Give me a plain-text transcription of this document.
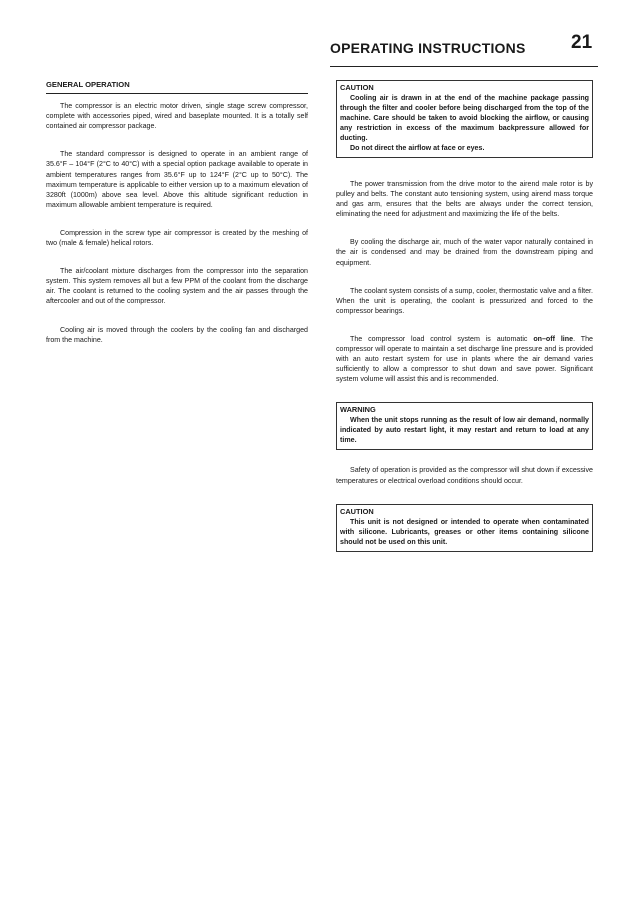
OPERATING INSTRUCTIONS 21
GENERAL OPERATION

The compressor is an electric motor driven, single stage screw compressor, complete with accessories piped, wired and baseplate mounted. It is a totally self contained air compressor package.

The standard compressor is designed to operate in an ambient range of 35.6°F – 104°F (2°C to 40°C) with a special option package available to operate in ambient temperatures ranges from 35.6°F up to 124°F (2°C up to 50°C). The maximum temperature is applicable to either version up to a maximum elevation of 3280ft (1000m) above sea level. Above this altitude significant reduction in maximum allowable ambient temperature is required.

Compression in the screw type air compressor is created by the meshing of two (male & female) helical rotors.

The air/coolant mixture discharges from the compressor into the separation system. This system removes all but a few PPM of the coolant from the discharge air. The coolant is returned to the cooling system and the air passes through the aftercooler and out of the compressor.

Cooling air is moved through the coolers by the cooling fan and discharged from the machine.

CAUTION
Cooling air is drawn in at the end of the machine package passing through the filter and cooler before being discharged from the top of the machine. Care should be taken to avoid blocking the airflow, or causing any restriction in excess of the maximum backpressure allowed for ducting.
Do not direct the airflow at face or eyes.

The power transmission from the drive motor to the airend male rotor is by pulley and belts. The constant auto tensioning system, using airend mass torque and gas arm, ensures that the belts are always under the correct tension, eliminating the need for adjustment and maximizing the life of the belts.

By cooling the discharge air, much of the water vapor naturally contained in the air is condensed and may be drained from the downstream piping and equipment.

The coolant system consists of a sump, cooler, thermostatic valve and a filter. When the unit is operating, the coolant is pressurized and forced to the compressor bearings.

The compressor load control system is automatic on–off line. The compressor will operate to maintain a set discharge line pressure and is provided with an auto restart system for use in plants where the air demand varies sufficiently to allow a compressor to shut down and save power. Significant system volume will assist this and is recommended.

WARNING
When the unit stops running as the result of low air demand, normally indicated by auto restart light, it may restart and return to load at any time.

Safety of operation is provided as the compressor will shut down if excessive temperatures or electrical overload conditions should occur.

CAUTION
This unit is not designed or intended to operate when contaminated with silicone. Lubricants, greases or other items containing silicone should not be used on this unit.
